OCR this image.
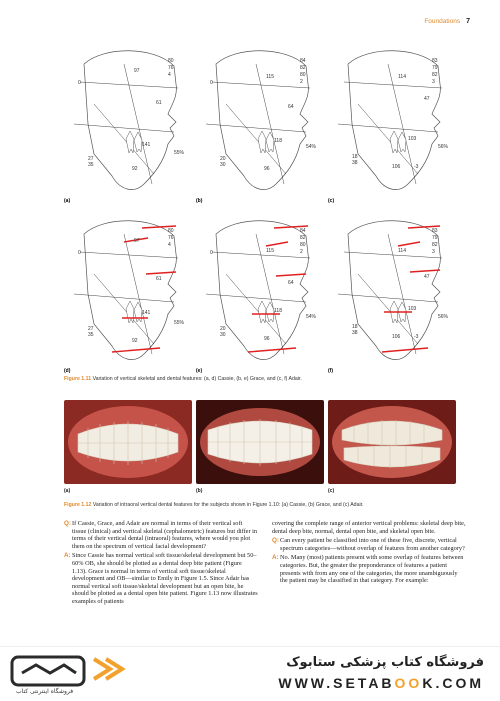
Foundations 7
97
80
76
4
61
141
92
55%
27
35
0
(a)
84
82
80
2
115
64
118
96
54%
20
30
0
(b)
83
79
82
3
114
47
103
106
56%
18
38
-3
(c)
97
80
76
4
61
141
92
55%
27
35
0
(d)
84
82
80
2
115
64
118
96
54%
20
30
0
(e)
83
79
82
3
114
47
103
106
56%
18
38
-3
(f)
Figure 1.11 Variation of vertical skeletal and dental features: (a, d) Cassie, (b, e) Grace, and (c, f) Adair.
(a)	(b)	(c)
Figure 1.12 Variation of intraoral vertical dental features for the subjects shown in Figure 1.10: (a) Cassie, (b) Grace, and (c) Adair.
Q: If Cassie, Grace, and Adair are normal in terms of their vertical soft tissue (clinical) and vertical skeletal (cephalometric) features but differ in terms of their vertical dental (intraoral) features, where would you plot them on the spectrum of vertical facial development?
A: Since Cassie has normal vertical soft tissue/skeletal development but 50–60% OB, she should be plotted as a dental deep bite patient (Figure 1.13). Grace is normal in terms of vertical soft tissue/skeletal development and OB—similar to Emily in Figure 1.5. Since Adair has normal vertical soft tissue/skeletal development but an open bite, he should be plotted as a dental open bite patient. Figure 1.13 now illustrates examples of patients
covering the complete range of anterior vertical problems: skeletal deep bite, dental deep bite, normal, dental open bite, and skeletal open bite.
Q: Can every patient be classified into one of these five, discrete, vertical spectrum categories—without overlap of features from another category?
A: No. Many (most) patients present with some overlap of features between categories. But, the greater the preponderance of features a patient presents with from any one of the categories, the more unambiguously the patient may be classified in that category. For example:
فروشگاه اینترنتی کتاب
فروشگاه کتاب پزشکی ستابوک
WWW.SETABOOK.COM
